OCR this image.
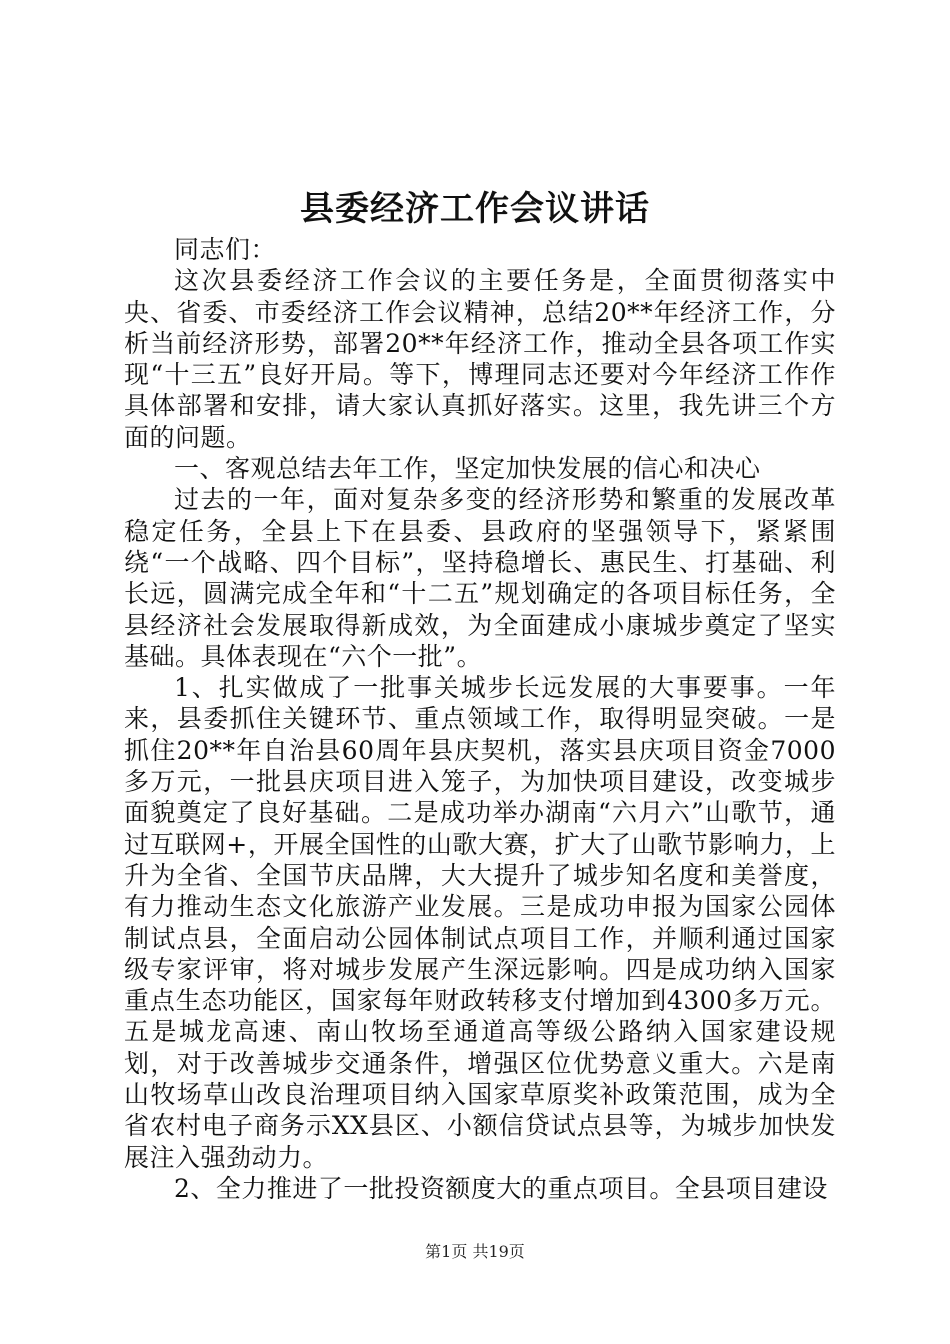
县委经济工作会议讲话

同志们：

这次县委经济工作会议的主要任务是，全面贯彻落实中央、省委、市委经济工作会议精神，总结20**年经济工作，分析当前经济形势，部署20**年经济工作，推动全县各项工作实现“十三五”良好开局。等下，博理同志还要对今年经济工作作具体部署和安排，请大家认真抓好落实。这里，我先讲三个方面的问题。

一、客观总结去年工作，坚定加快发展的信心和决心

过去的一年，面对复杂多变的经济形势和繁重的发展改革稳定任务，全县上下在县委、县政府的坚强领导下，紧紧围绕“一个战略、四个目标”，坚持稳增长、惠民生、打基础、利长远，圆满完成全年和“十二五”规划确定的各项目标任务，全县经济社会发展取得新成效，为全面建成小康城步奠定了坚实基础。具体表现在“六个一批”。

1、扎实做成了一批事关城步长远发展的大事要事。一年来，县委抓住关键环节、重点领域工作，取得明显突破。一是抓住20**年自治县60周年县庆契机，落实县庆项目资金7000多万元，一批县庆项目进入笼子，为加快项目建设，改变城步面貌奠定了良好基础。二是成功举办湖南“六月六”山歌节，通过互联网+，开展全国性的山歌大赛，扩大了山歌节影响力，上升为全省、全国节庆品牌，大大提升了城步知名度和美誉度，有力推动生态文化旅游产业发展。三是成功申报为国家公园体制试点县，全面启动公园体制试点项目工作，并顺利通过国家级专家评审，将对城步发展产生深远影响。四是成功纳入国家重点生态功能区，国家每年财政转移支付增加到4300多万元。五是城龙高速、南山牧场至通道高等级公路纳入国家建设规划，对于改善城步交通条件，增强区位优势意义重大。六是南山牧场草山改良治理项目纳入国家草原奖补政策范围，成为全省农村电子商务示XX县区、小额信贷试点县等，为城步加快发展注入强劲动力。

2、全力推进了一批投资额度大的重点项目。全县项目建设

第1页 共19页
